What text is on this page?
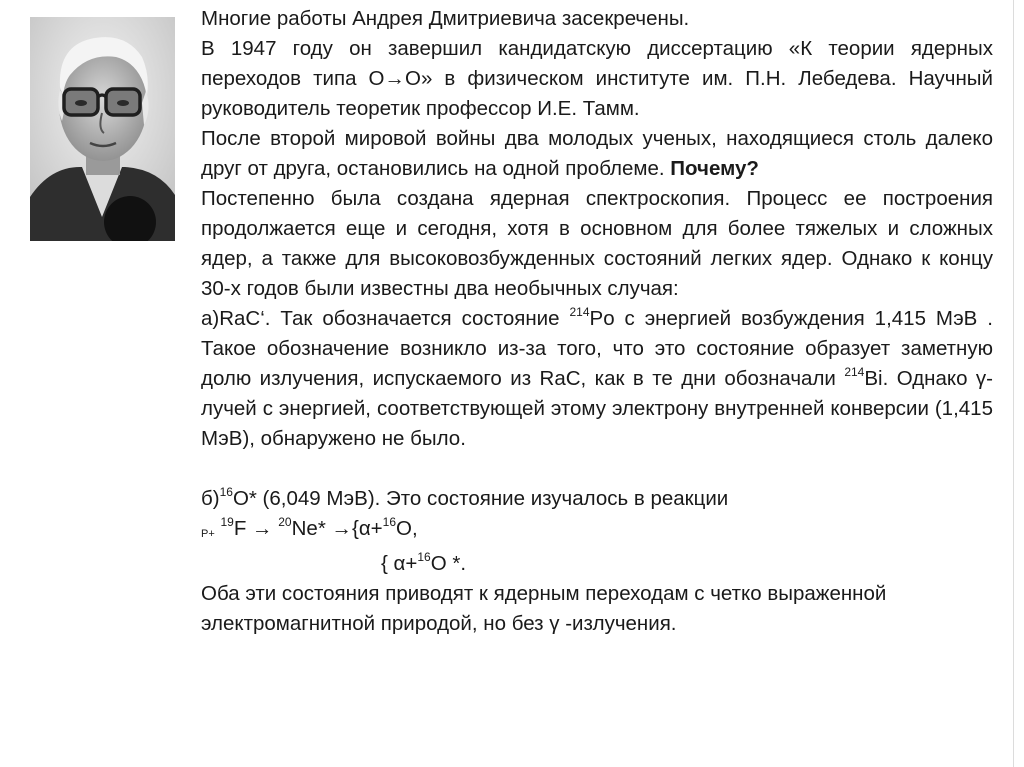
Многие работы Андрея Дмитриевича засекречены.

В 1947 году он завершил кандидатскую диссертацию «К теории ядерных переходов типа О→О» в физическом институте им. П.Н. Лебедева. Научный руководитель теоретик профессор И.Е. Тамм.

После второй мировой войны два молодых ученых, находящиеся столь далеко друг от друга, остановились на одной проблеме. Почему?

Постепенно была создана ядерная спектроскопия. Процесс ее построения продолжается еще и сегодня, хотя в основном для более тяжелых и сложных ядер, а также для высоковозбужденных состояний легких ядер. Однако к концу 30-х годов были известны два необычных случая:

а)RaC‘. Так обозначается состояние $^{214}$Po с энергией возбуждения 1,415 МэВ . Такое обозначение возникло из-за того, что это состояние образует заметную долю излучения, испускаемого из RaC, как в те дни обозначали $^{214}$Bi. Однако γ-лучей с энергией, соответствующей этому электрону внутренней конверсии (1,415 МэВ), обнаружено не было.

б)$^{16}$O* (6,049 МэВ). Это состояние изучалось в реакции

P+ $^{19}$F → $^{20}$Ne* →{α+$^{16}$O,

{ α+$^{16}$O *.

Оба эти состояния приводят к ядерным переходам с четко выраженной электромагнитной природой, но без γ -излучения.
